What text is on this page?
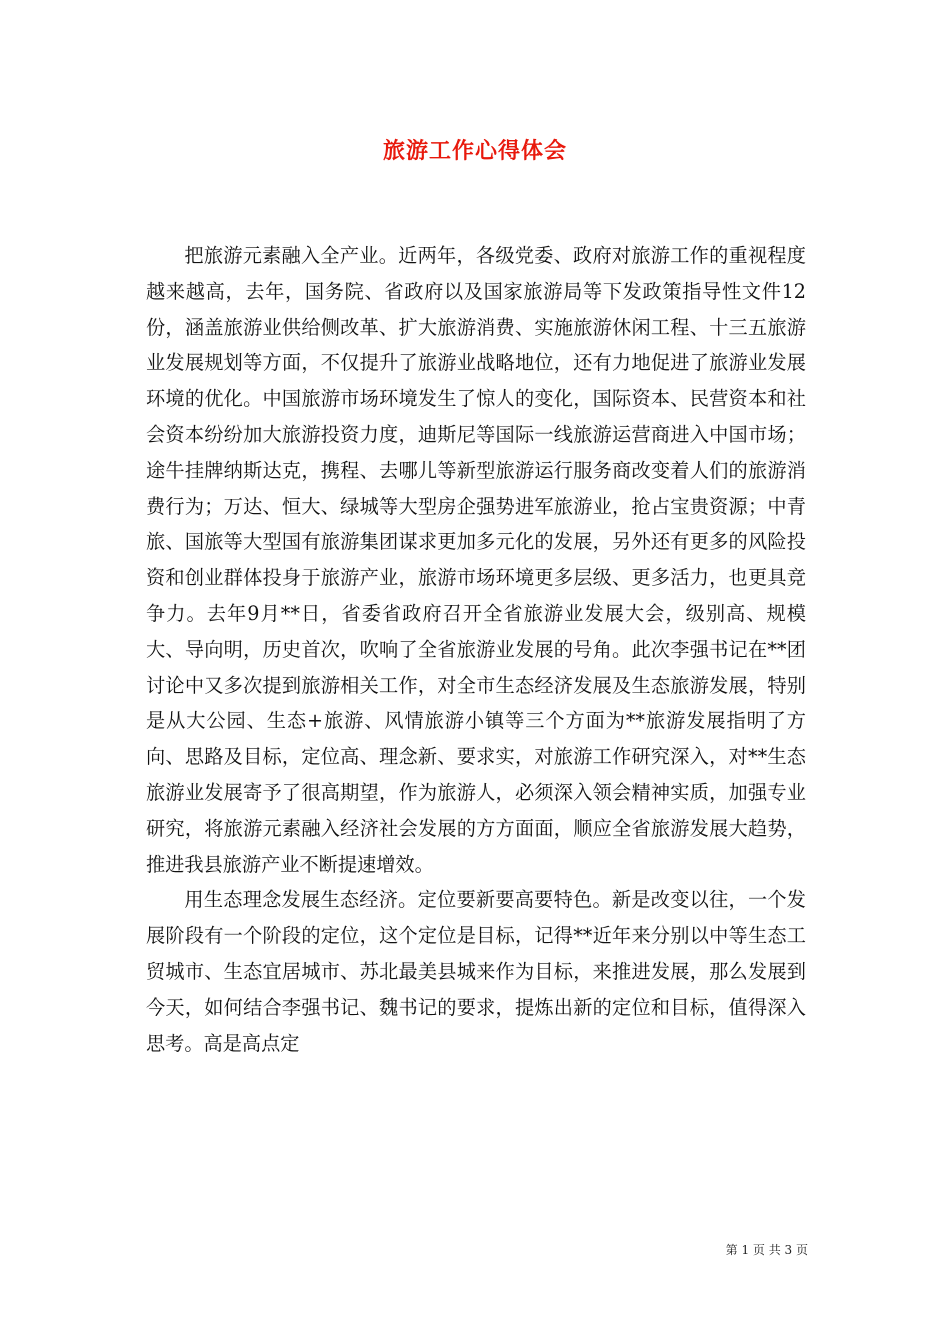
旅游工作心得体会

把旅游元素融入全产业。近两年，各级党委、政府对旅游工作的重视程度越来越高，去年，国务院、省政府以及国家旅游局等下发政策指导性文件12份，涵盖旅游业供给侧改革、扩大旅游消费、实施旅游休闲工程、十三五旅游业发展规划等方面，不仅提升了旅游业战略地位，还有力地促进了旅游业发展环境的优化。中国旅游市场环境发生了惊人的变化，国际资本、民营资本和社会资本纷纷加大旅游投资力度，迪斯尼等国际一线旅游运营商进入中国市场；途牛挂牌纳斯达克，携程、去哪儿等新型旅游运行服务商改变着人们的旅游消费行为；万达、恒大、绿城等大型房企强势进军旅游业，抢占宝贵资源；中青旅、国旅等大型国有旅游集团谋求更加多元化的发展，另外还有更多的风险投资和创业群体投身于旅游产业，旅游市场环境更多层级、更多活力，也更具竞争力。去年9月**日，省委省政府召开全省旅游业发展大会，级别高、规模大、导向明，历史首次，吹响了全省旅游业发展的号角。此次李强书记在**团讨论中又多次提到旅游相关工作，对全市生态经济发展及生态旅游发展，特别是从大公园、生态+旅游、风情旅游小镇等三个方面为**旅游发展指明了方向、思路及目标，定位高、理念新、要求实，对旅游工作研究深入，对**生态旅游业发展寄予了很高期望，作为旅游人，必须深入领会精神实质，加强专业研究，将旅游元素融入经济社会发展的方方面面，顺应全省旅游发展大趋势，推进我县旅游产业不断提速增效。

用生态理念发展生态经济。定位要新要高要特色。新是改变以往，一个发展阶段有一个阶段的定位，这个定位是目标，记得**近年来分别以中等生态工贸城市、生态宜居城市、苏北最美县城来作为目标，来推进发展，那么发展到今天，如何结合李强书记、魏书记的要求，提炼出新的定位和目标，值得深入思考。高是高点定

第 1 页 共 3 页
